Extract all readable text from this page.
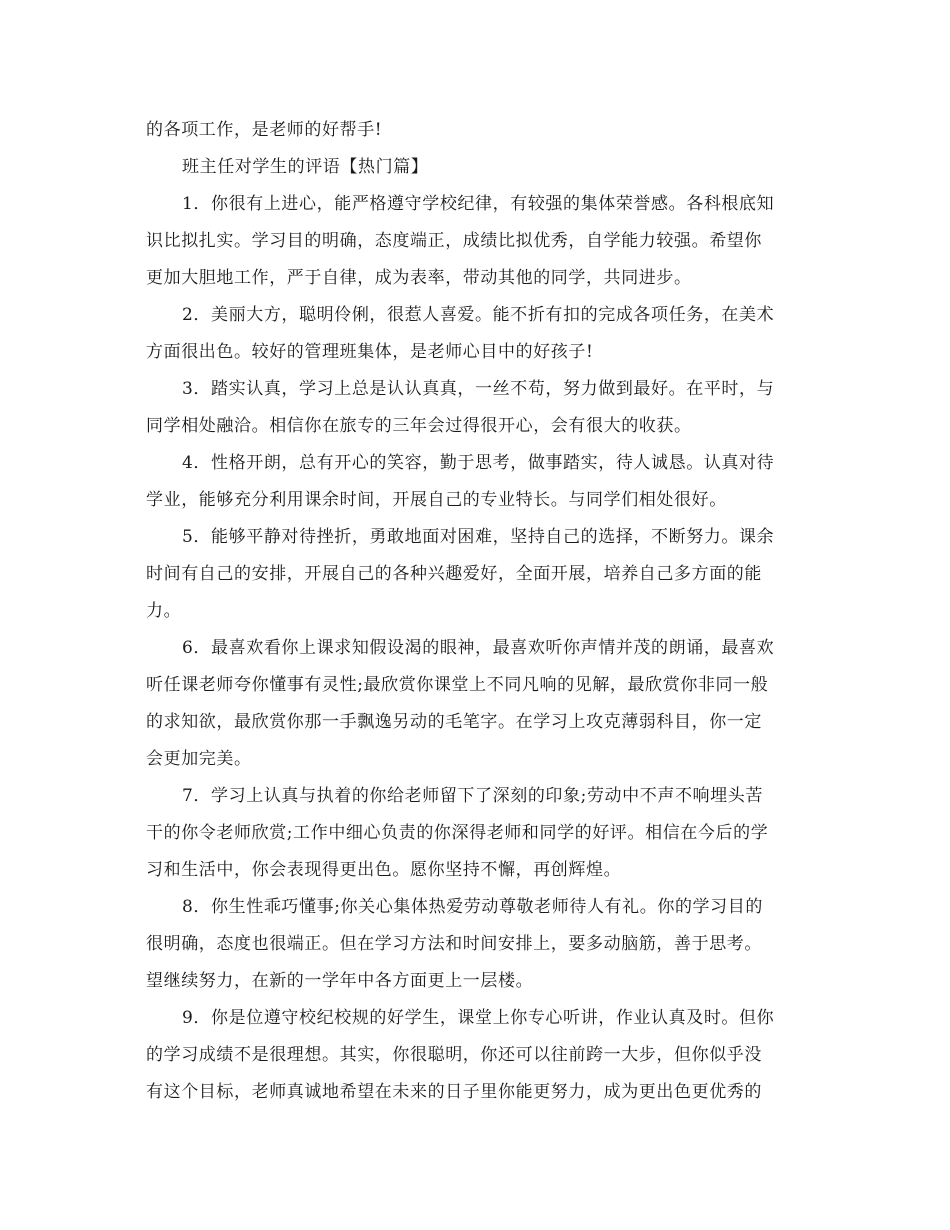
的各项工作，是老师的好帮手!
班主任对学生的评语【热门篇】
1．你很有上进心，能严格遵守学校纪律，有较强的集体荣誉感。各科根底知
识比拟扎实。学习目的明确，态度端正，成绩比拟优秀，自学能力较强。希望你
更加大胆地工作，严于自律，成为表率，带动其他的同学，共同进步。
2．美丽大方，聪明伶俐，很惹人喜爱。能不折有扣的完成各项任务，在美术
方面很出色。较好的管理班集体，是老师心目中的好孩子!
3．踏实认真，学习上总是认认真真，一丝不苟，努力做到最好。在平时，与
同学相处融洽。相信你在旅专的三年会过得很开心，会有很大的收获。
4．性格开朗，总有开心的笑容，勤于思考，做事踏实，待人诚恳。认真对待
学业，能够充分利用课余时间，开展自己的专业特长。与同学们相处很好。
5．能够平静对待挫折，勇敢地面对困难，坚持自己的选择，不断努力。课余
时间有自己的安排，开展自己的各种兴趣爱好，全面开展，培养自己多方面的能
力。
6．最喜欢看你上课求知假设渴的眼神，最喜欢听你声情并茂的朗诵，最喜欢
听任课老师夸你懂事有灵性;最欣赏你课堂上不同凡响的见解，最欣赏你非同一般
的求知欲，最欣赏你那一手飘逸另动的毛笔字。在学习上攻克薄弱科目，你一定
会更加完美。
7．学习上认真与执着的你给老师留下了深刻的印象;劳动中不声不响埋头苦
干的你令老师欣赏;工作中细心负责的你深得老师和同学的好评。相信在今后的学
习和生活中，你会表现得更出色。愿你坚持不懈，再创辉煌。
8．你生性乖巧懂事;你关心集体热爱劳动尊敬老师待人有礼。你的学习目的
很明确，态度也很端正。但在学习方法和时间安排上，要多动脑筋，善于思考。
望继续努力，在新的一学年中各方面更上一层楼。
9．你是位遵守校纪校规的好学生，课堂上你专心听讲，作业认真及时。但你
的学习成绩不是很理想。其实，你很聪明，你还可以往前跨一大步，但你似乎没
有这个目标，老师真诚地希望在未来的日子里你能更努力，成为更出色更优秀的
